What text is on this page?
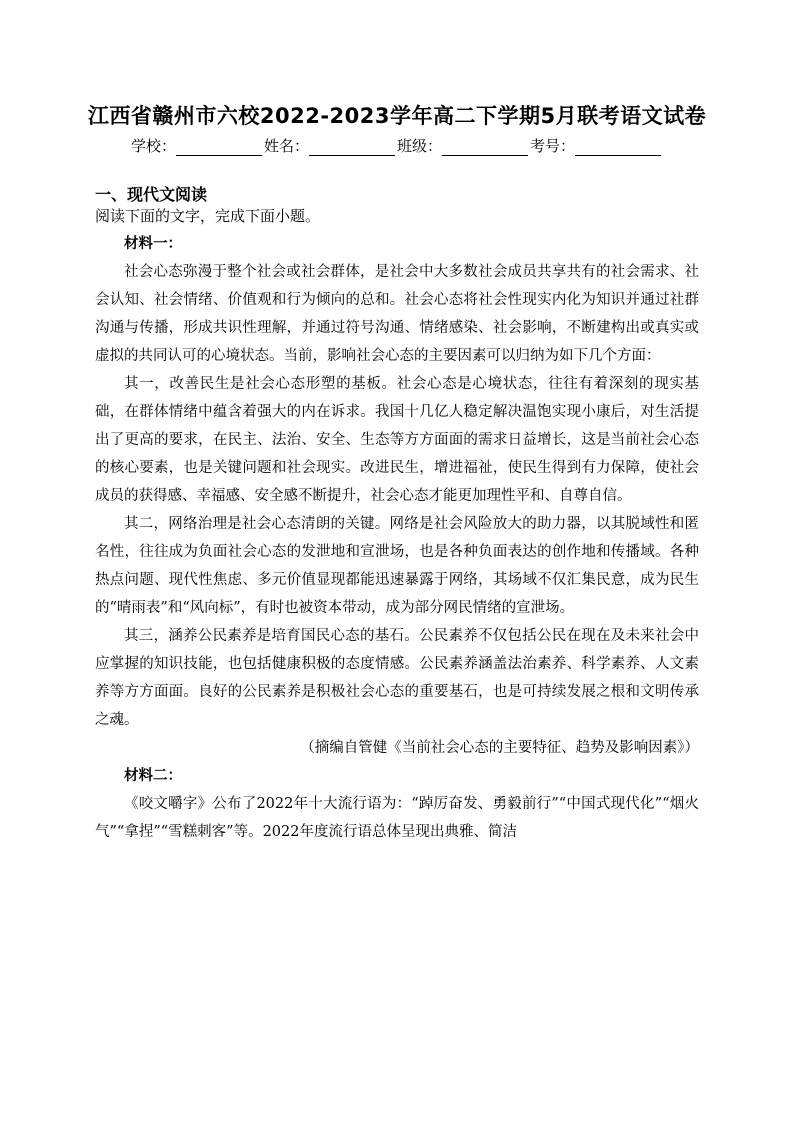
江西省赣州市六校2022-2023学年高二下学期5月联考语文试卷
学校：	姓名：	班级：	考号：
一、现代文阅读
阅读下面的文字，完成下面小题。

材料一：

社会心态弥漫于整个社会或社会群体，是社会中大多数社会成员共享共有的社会需求、社会认知、社会情绪、价值观和行为倾向的总和。社会心态将社会性现实内化为知识并通过社群沟通与传播，形成共识性理解，并通过符号沟通、情绪感染、社会影响，不断建构出或真实或虚拟的共同认可的心境状态。当前，影响社会心态的主要因素可以归纳为如下几个方面：

其一，改善民生是社会心态形塑的基板。社会心态是心境状态，往往有着深刻的现实基础，在群体情绪中蕴含着强大的内在诉求。我国十几亿人稳定解决温饱实现小康后，对生活提出了更高的要求，在民主、法治、安全、生态等方方面面的需求日益增长，这是当前社会心态的核心要素，也是关键问题和社会现实。改进民生，增进福祉，使民生得到有力保障，使社会成员的获得感、幸福感、安全感不断提升，社会心态才能更加理性平和、自尊自信。

其二，网络治理是社会心态清朗的关键。网络是社会风险放大的助力器，以其脱域性和匿名性，往往成为负面社会心态的发泄地和宣泄场，也是各种负面表达的创作地和传播域。各种热点问题、现代性焦虑、多元价值显现都能迅速暴露于网络，其场域不仅汇集民意，成为民生的“晴雨表”和“风向标”，有时也被资本带动，成为部分网民情绪的宣泄场。

其三，涵养公民素养是培育国民心态的基石。公民素养不仅包括公民在现在及未来社会中应掌握的知识技能，也包括健康积极的态度情感。公民素养涵盖法治素养、科学素养、人文素养等方方面面。良好的公民素养是积极社会心态的重要基石，也是可持续发展之根和文明传承之魂。

（摘编自管健《当前社会心态的主要特征、趋势及影响因素》）

材料二：

《咬文嚼字》公布了2022年十大流行语为：“踔厉奋发、勇毅前行”“中国式现代化”“烟火气”“拿捏”“雪糕刺客”等。2022年度流行语总体呈现出典雅、简洁
